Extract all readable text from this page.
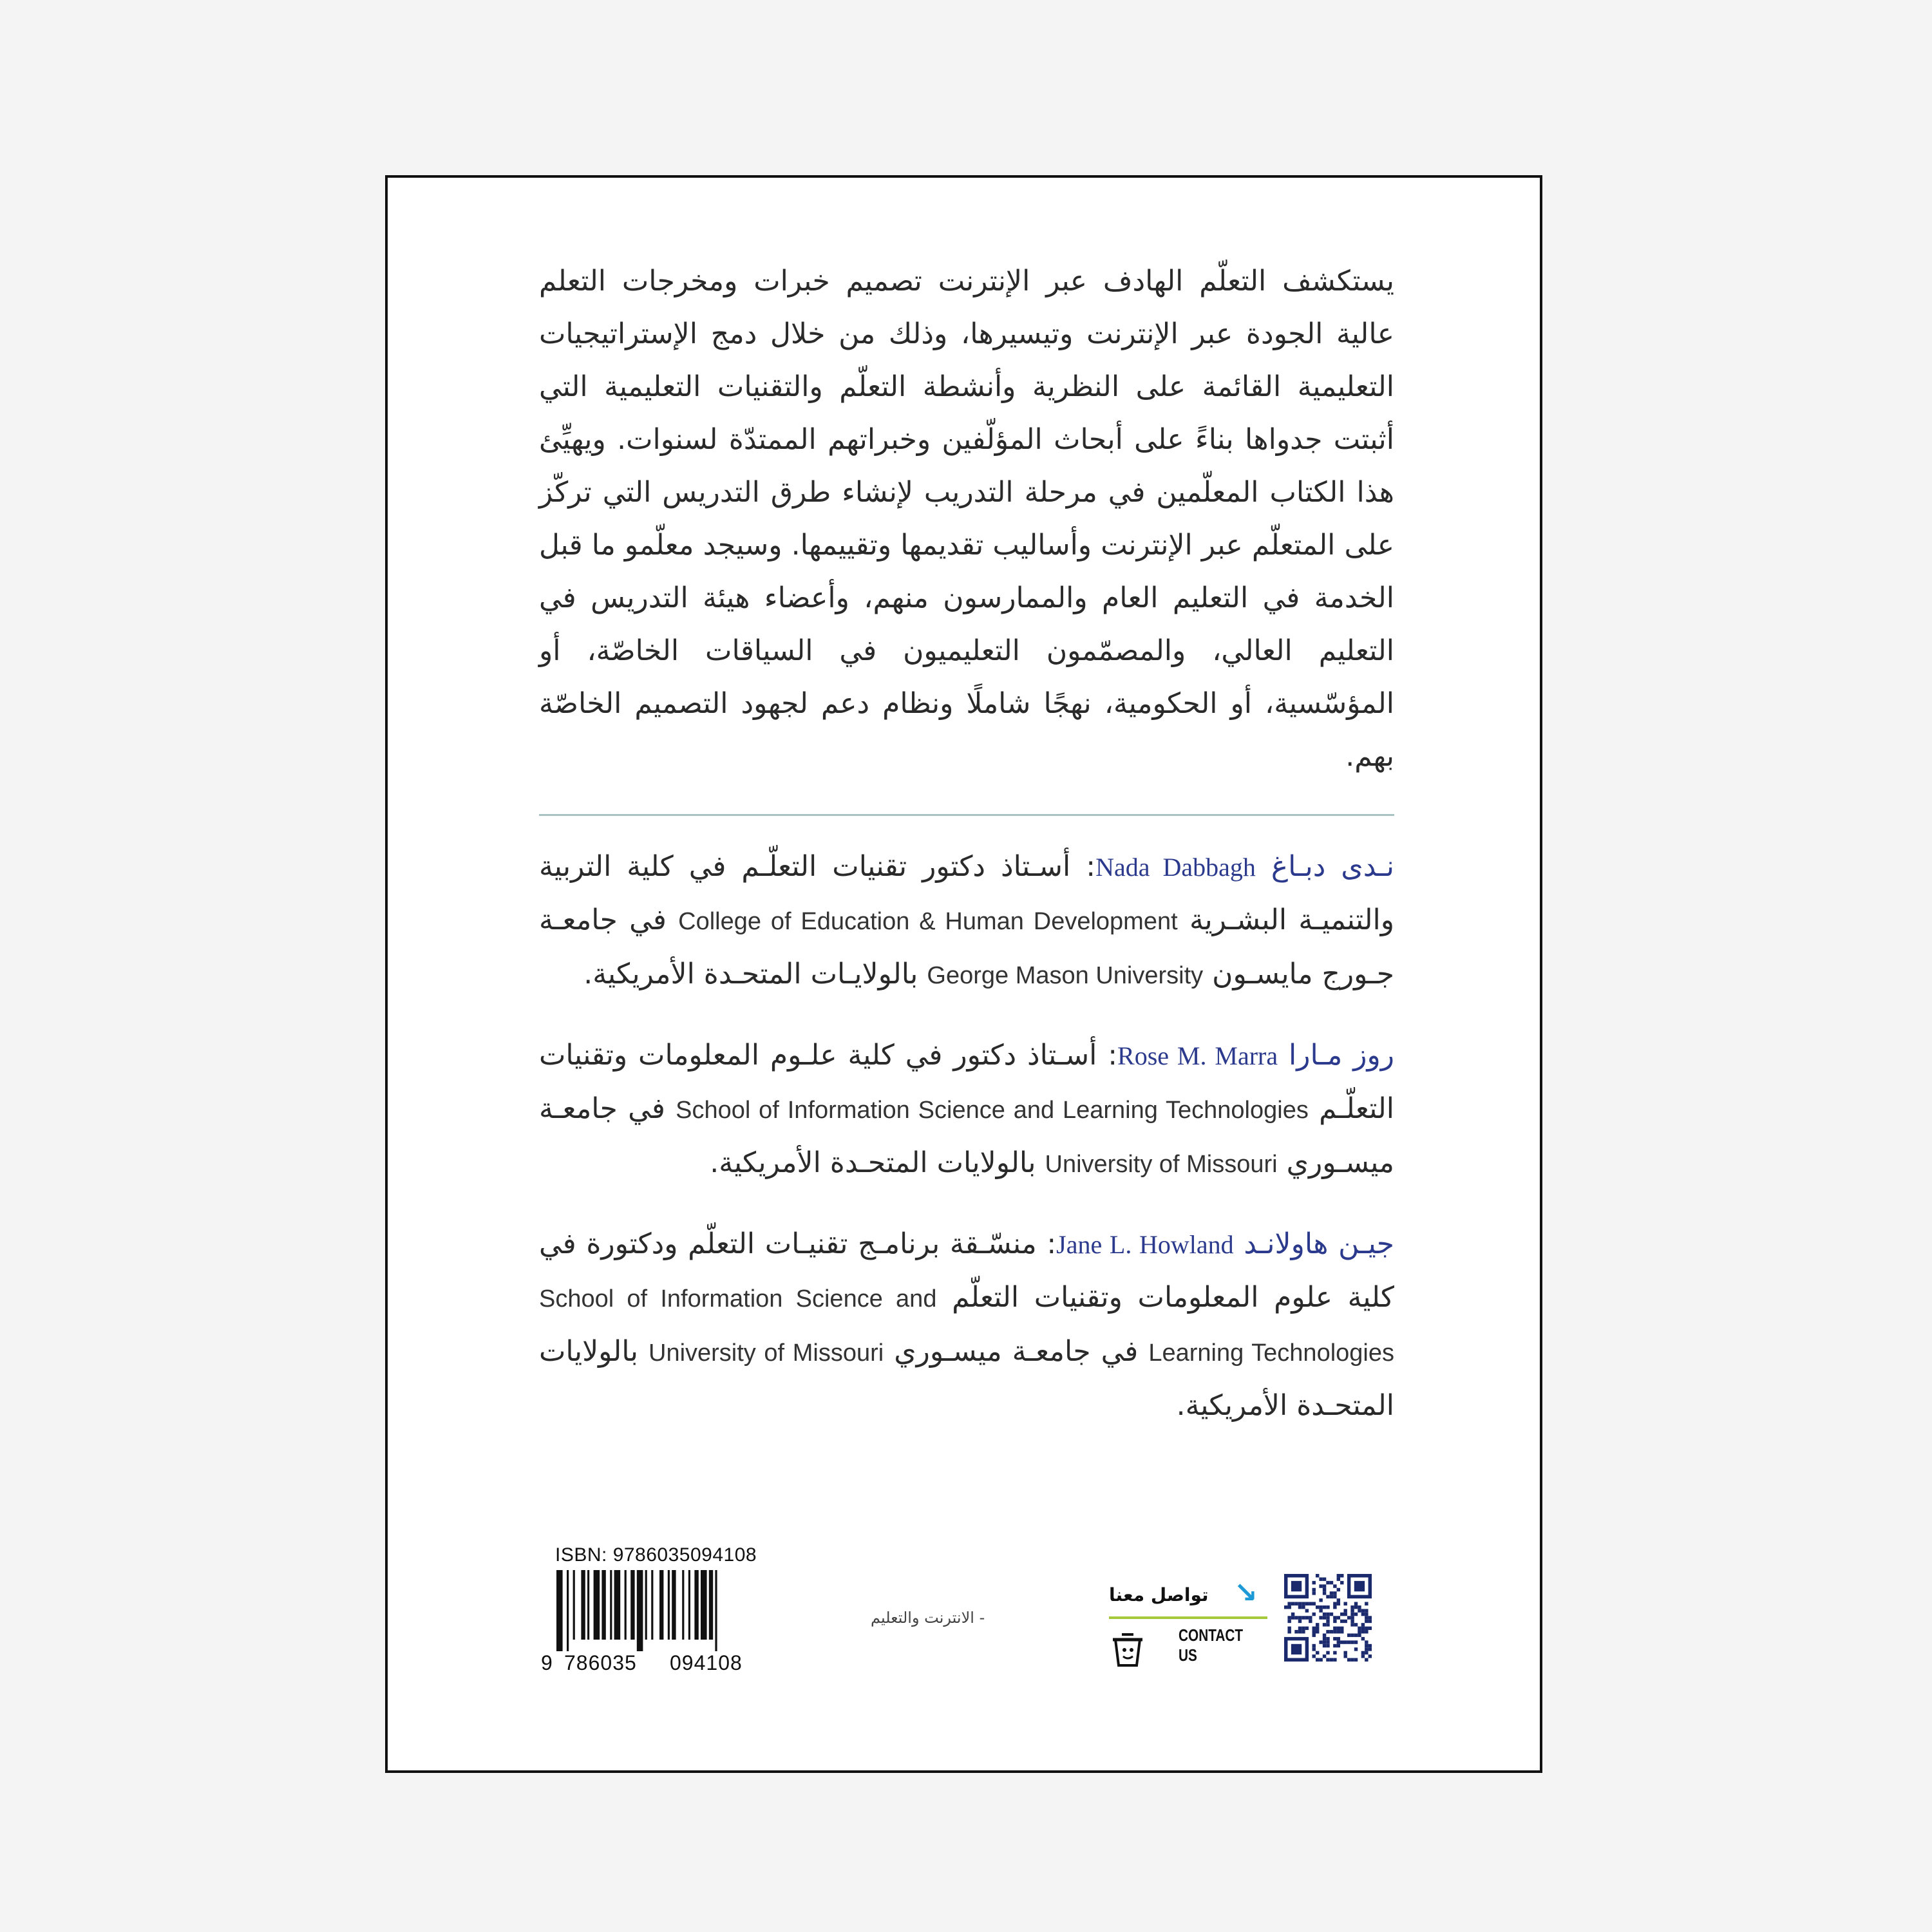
يستكشف التعلّم الهادف عبر الإنترنت تصميم خبرات ومخرجات التعلم عالية الجودة عبر الإنترنت وتيسيرها، وذلك من خلال دمج الإستراتيجيات التعليمية القائمة على النظرية وأنشطة التعلّم والتقنيات التعليمية التي أثبتت جدواها بناءً على أبحاث المؤلّفين وخبراتهم الممتدّة لسنوات. ويهيِّئ هذا الكتاب المعلّمين في مرحلة التدريب لإنشاء طرق التدريس التي تركّز على المتعلّم عبر الإنترنت وأساليب تقديمها وتقييمها. وسيجد معلّمو ما قبل الخدمة في التعليم العام والممارسون منهم، وأعضاء هيئة التدريس في التعليم العالي، والمصمّمون التعليميون في السياقات الخاصّة، أو المؤسّسية، أو الحكومية، نهجًا شاملًا ونظام دعم لجهود التصميم الخاصّة بهم.

نـدى دبـاغ Nada Dabbagh: أسـتاذ دكتور تقنيات التعلّـم في كلية التربية والتنميـة البشـرية College of Education & Human Development في جامعـة جـورج مايسـون George Mason University بالولايـات المتحـدة الأمريكية.

روز مـارا Rose M. Marra: أسـتاذ دكتور في كلية علـوم المعلومات وتقنيات التعلّـم School of Information Science and Learning Technologies في جامعـة ميسـوري University of Missouri بالولايات المتحـدة الأمريكية.

جيـن هاولانـد Jane L. Howland: منسّـقة برنامـج تقنيـات التعلّم ودكتورة في كلية علوم المعلومات وتقنيات التعلّم School of Information Science and Learning Technologies في جامعـة ميسـوري University of Missouri بالولايات المتحـدة الأمريكية.

ISBN: 9786035094108
9 786035 094108
- الانترنت والتعليم
تواصل معنا ↘
CONTACT US
